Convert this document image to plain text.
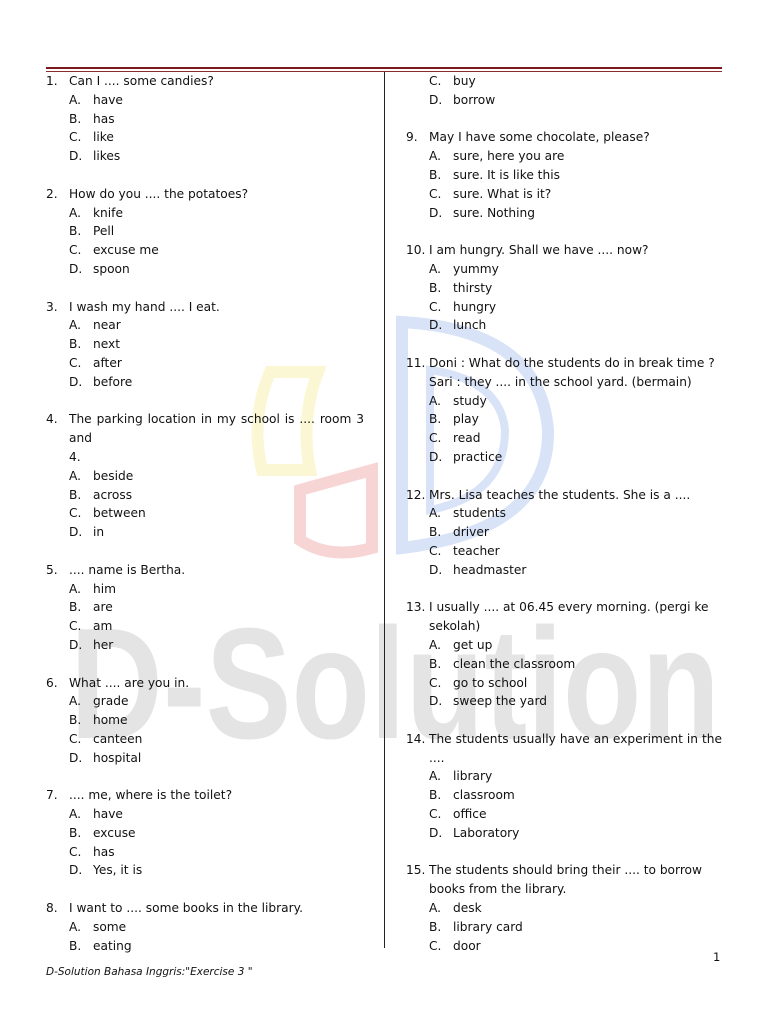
D-Solution
1. Can I .... some candies?
A. have
B. has
C. like
D. likes
2. How do you .... the potatoes?
A. knife
B. Pell
C. excuse me
D. spoon
3. I wash my hand .... I eat.
A. near
B. next
C. after
D. before
4. The parking location in my school is .... room 3 and
4.
A. beside
B. across
C. between
D. in
5. .... name is Bertha.
A. him
B. are
C. am
D. her
6. What .... are you in.
A. grade
B. home
C. canteen
D. hospital
7. .... me, where is the toilet?
A. have
B. excuse
C. has
D. Yes, it is
8. I want to .... some books in the library.
A. some
B. eating
C. buy
D. borrow
9. May I have some chocolate, please?
A. sure, here you are
B. sure. It is like this
C. sure. What is it?
D. sure. Nothing
10. I am hungry. Shall we have .... now?
A. yummy
B. thirsty
C. hungry
D. lunch
11. Doni : What do the students do in break time ?
Sari : they .... in the school yard. (bermain)
A. study
B. play
C. read
D. practice
12. Mrs. Lisa teaches the students. She is a ....
A. students
B. driver
C. teacher
D. headmaster
13. I usually .... at 06.45 every morning. (pergi ke
sekolah)
A. get up
B. clean the classroom
C. go to school
D. sweep the yard
14. The students usually have an experiment in the ....
A. library
B. classroom
C. office
D. Laboratory
15. The students should bring their .... to borrow
books from the library.
A. desk
B. library card
C. door
1
D-Solution Bahasa Inggris:"Exercise 3 "
